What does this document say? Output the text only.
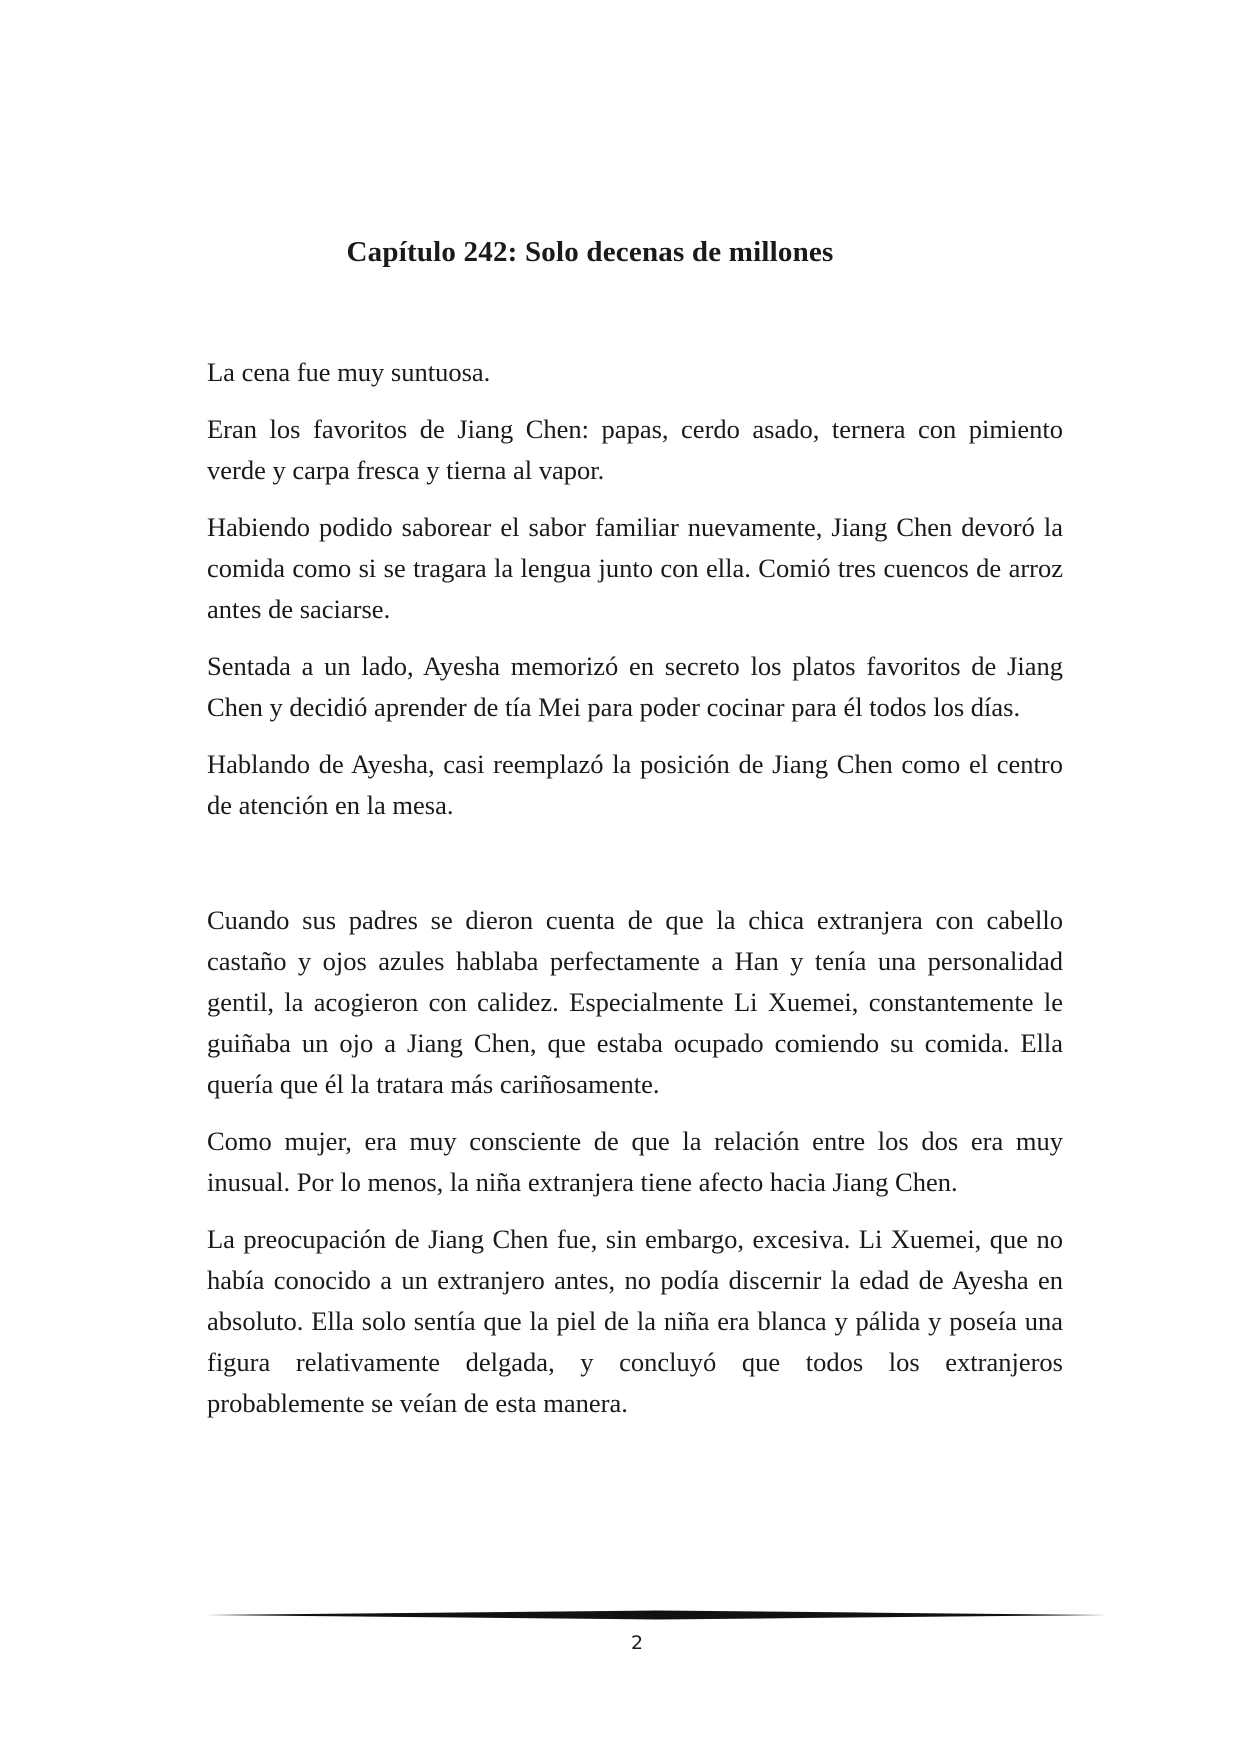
Capítulo 242: Solo decenas de millones

La cena fue muy suntuosa.

Eran los favoritos de Jiang Chen: papas, cerdo asado, ternera con pimiento verde y carpa fresca y tierna al vapor.

Habiendo podido saborear el sabor familiar nuevamente, Jiang Chen devoró la comida como si se tragara la lengua junto con ella. Comió tres cuencos de arroz antes de saciarse.

Sentada a un lado, Ayesha memorizó en secreto los platos favoritos de Jiang Chen y decidió aprender de tía Mei para poder cocinar para él todos los días.

Hablando de Ayesha, casi reemplazó la posición de Jiang Chen como el centro de atención en la mesa.

Cuando sus padres se dieron cuenta de que la chica extranjera con cabello castaño y ojos azules hablaba perfectamente a Han y tenía una personalidad gentil, la acogieron con calidez. Especialmente Li Xuemei, constantemente le guiñaba un ojo a Jiang Chen, que estaba ocupado comiendo su comida. Ella quería que él la tratara más cariñosamente.

Como mujer, era muy consciente de que la relación entre los dos era muy inusual. Por lo menos, la niña extranjera tiene afecto hacia Jiang Chen.

La preocupación de Jiang Chen fue, sin embargo, excesiva. Li Xuemei, que no había conocido a un extranjero antes, no podía discernir la edad de Ayesha en absoluto. Ella solo sentía que la piel de la niña era blanca y pálida y poseía una figura relativamente delgada, y concluyó que todos los extranjeros probablemente se veían de esta manera.

2
